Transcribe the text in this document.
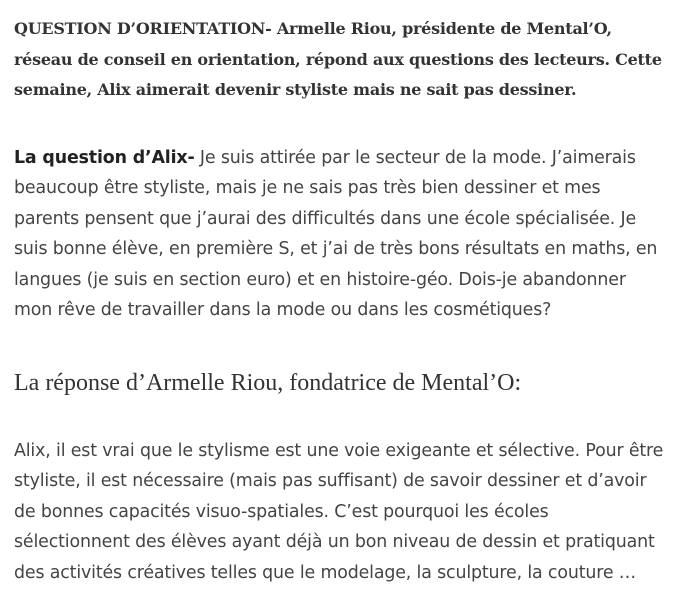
QUESTION D’ORIENTATION- Armelle Riou, présidente de Mental’O, réseau de conseil en orientation, répond aux questions des lecteurs. Cette semaine, Alix aimerait devenir styliste mais ne sait pas dessiner.

La question d’Alix- Je suis attirée par le secteur de la mode. J’aimerais beaucoup être styliste, mais je ne sais pas très bien dessiner et mes parents pensent que j’aurai des difficultés dans une école spécialisée. Je suis bonne élève, en première S, et j’ai de très bons résultats en maths, en langues (je suis en section euro) et en histoire-géo. Dois-je abandonner mon rêve de travailler dans la mode ou dans les cosmétiques?

La réponse d’Armelle Riou, fondatrice de Mental’O:

Alix, il est vrai que le stylisme est une voie exigeante et sélective. Pour être styliste, il est nécessaire (mais pas suffisant) de savoir dessiner et d’avoir de bonnes capacités visuo-spatiales. C’est pourquoi les écoles sélectionnent des élèves ayant déjà un bon niveau de dessin et pratiquant des activités créatives telles que le modelage, la sculpture, la couture …
